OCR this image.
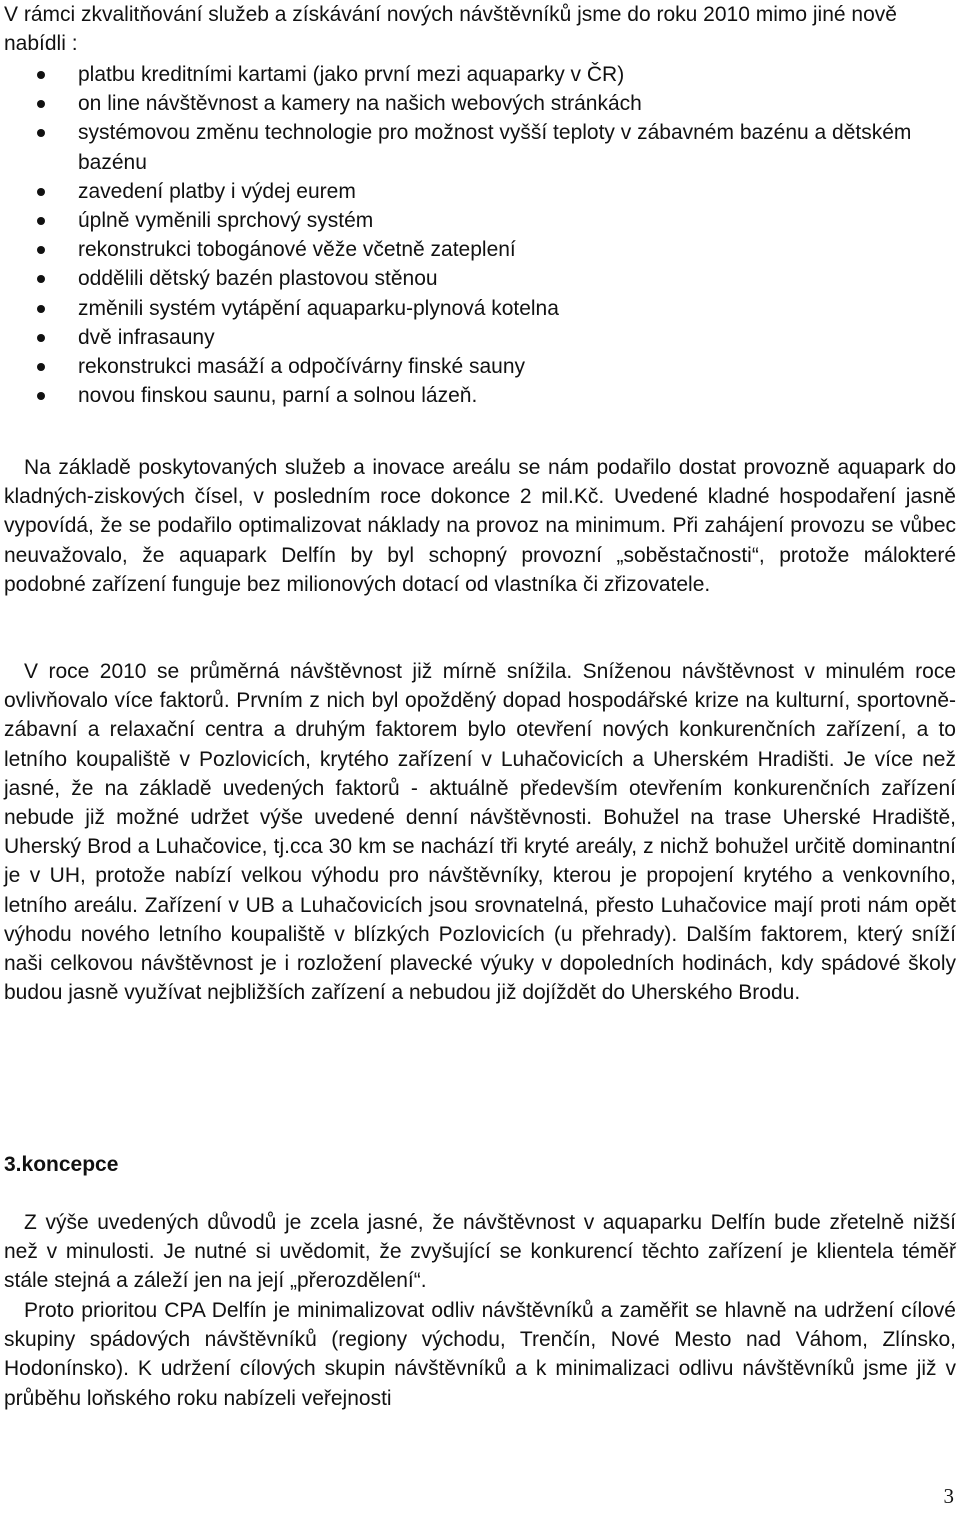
V rámci zkvalitňování služeb a získávání nových návštěvníků jsme do roku 2010 mimo jiné nově nabídli :

platbu kreditními kartami (jako první mezi aquaparky v ČR)
on line návštěvnost a kamery na našich webových stránkách
systémovou změnu technologie pro možnost vyšší teploty v zábavném bazénu a dětském bazénu
zavedení platby i výdej eurem
úplně vyměnili sprchový systém
rekonstrukci tobogánové věže včetně zateplení
oddělili dětský bazén plastovou stěnou
změnili systém vytápění aquaparku-plynová kotelna
dvě infrasauny
rekonstrukci masáží a odpočívárny finské sauny
novou finskou saunu, parní a solnou lázeň.

Na základě poskytovaných služeb a inovace areálu se nám podařilo dostat provozně aquapark do kladných-ziskových čísel, v posledním roce dokonce 2 mil.Kč. Uvedené kladné hospodaření jasně vypovídá, že se podařilo optimalizovat náklady na provoz na minimum. Při zahájení provozu se vůbec neuvažovalo, že aquapark Delfín by byl schopný provozní „soběstačnosti“, protože málokteré podobné zařízení funguje bez milionových dotací od vlastníka či zřizovatele.

V roce 2010 se průměrná návštěvnost již mírně snížila. Sníženou návštěvnost v minulém roce ovlivňovalo více faktorů. Prvním z nich byl opožděný dopad hospodářské krize na kulturní, sportovně-zábavní a relaxační centra a druhým faktorem bylo otevření nových konkurenčních zařízení, a to letního koupaliště v Pozlovicích, krytého zařízení v Luhačovicích a Uherském Hradišti. Je více než jasné, že na základě uvedených faktorů - aktuálně především otevřením konkurenčních zařízení nebude již možné udržet výše uvedené denní návštěvnosti. Bohužel na trase Uherské Hradiště, Uherský Brod a Luhačovice, tj.cca 30 km se nachází tři kryté areály, z nichž bohužel určitě dominantní je v UH, protože nabízí velkou výhodu pro návštěvníky, kterou je propojení krytého a venkovního, letního areálu. Zařízení v UB a Luhačovicích jsou srovnatelná, přesto Luhačovice mají proti nám opět výhodu nového letního koupaliště v blízkých Pozlovicích (u přehrady). Dalším faktorem, který sníží naši celkovou návštěvnost je i rozložení plavecké výuky v dopoledních hodinách, kdy spádové školy budou jasně využívat nejbližších zařízení a nebudou již dojíždět do Uherského Brodu.

3.koncepce

Z výše uvedených důvodů je zcela jasné, že návštěvnost v aquaparku Delfín bude zřetelně nižší než v minulosti. Je nutné si uvědomit, že zvyšující se konkurencí těchto zařízení je klientela téměř stále stejná a záleží jen na její „přerozdělení“.

Proto prioritou CPA Delfín je minimalizovat odliv návštěvníků a zaměřit se hlavně na udržení cílové skupiny spádových návštěvníků (regiony východu, Trenčín, Nové Mesto nad Váhom, Zlínsko, Hodonínsko). K udržení cílových skupin návštěvníků a k minimalizaci odlivu návštěvníků jsme již v průběhu loňského roku nabízeli veřejnosti

3
